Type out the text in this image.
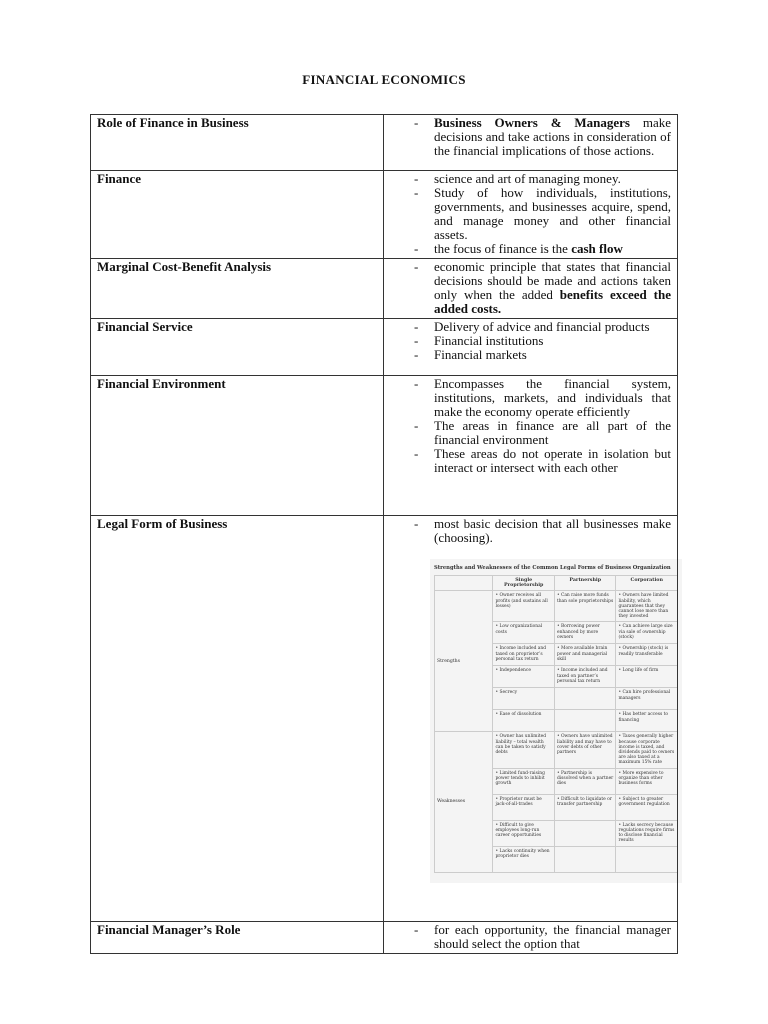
FINANCIAL ECONOMICS
Role of Finance in Business	
-Business Owners & Managers make decisions and take actions in consideration of the financial implications of those actions.

Finance	
-science and art of managing money.
- Study of how individuals, institutions, governments, and businesses acquire, spend, and manage money and other financial assets.
- the focus of finance is the cash flow

Marginal Cost-Benefit Analysis	
-economic principle that states that financial decisions should be made and actions taken only when the added benefits exceed the added costs.

Financial Service	
-Delivery of advice and financial products
- Financial institutions
- Financial markets

Financial Environment	
-Encompasses the financial system, institutions, markets, and individuals that make the economy operate efficiently
- The areas in finance are all part of the financial environment
- These areas do not operate in isolation but interact or intersect with each other

Legal Form of Business	
-most basic decision that all businesses make (choosing).
Strengths and Weaknesses of the Common Legal Forms of Business Organization
	Single Proprietorship	Partnership	Corporation
Strengths	• Owner receives all profits (and sustains all losses)	• Can raise more funds than sole proprietorships	• Owners have limited liability, which guarantees that they cannot lose more than they invested
• Low organizational costs	• Borrowing power enhanced by more owners	• Can achieve large size via sale of ownership (stock)
• Income included and taxed on proprietor’s personal tax return	• More available brain power and managerial skill	• Ownership (stock) is readily transferable
• Independence	• Income included and taxed on partner’s personal tax return	• Long life of firm
• Secrecy		• Can hire professional managers
• Ease of dissolution		• Has better access to financing
Weaknesses	• Owner has unlimited liability – total wealth can be taken to satisfy debts	• Owners have unlimited liability and may have to cover debts of other partners	• Taxes generally higher because corporate income is taxed, and dividends paid to owners are also taxed at a maximum 15% rate
• Limited fund-raising power tends to inhibit growth	• Partnership is dissolved when a partner dies	• More expensive to organize than other business forms
• Proprietor must be jack-of-all-trades	• Difficult to liquidate or transfer partnership	• Subject to greater government regulation
• Difficult to give employees long-run career opportunities		• Lacks secrecy because regulations require firms to disclose financial results
• Lacks continuity when proprietor dies		

Financial Manager’s Role	
-for each opportunity, the financial manager should select the option that
